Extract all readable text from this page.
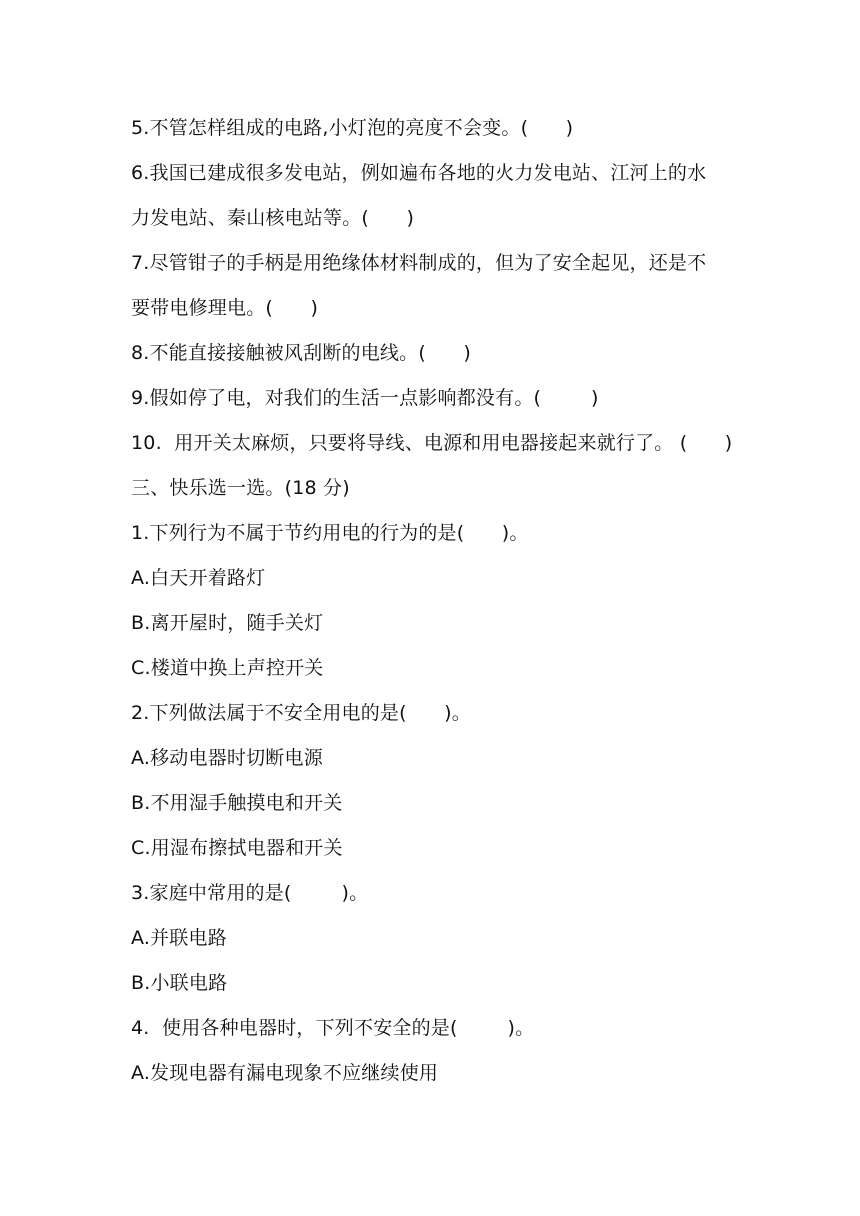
5.不管怎样组成的电路,小灯泡的亮度不会变。(      )
6.我国已建成很多发电站，例如遍布各地的火力发电站、江河上的水
力发电站、秦山核电站等。(      )
7.尽管钳子的手柄是用绝缘体材料制成的，但为了安全起见，还是不
要带电修理电。(      )
8.不能直接接触被风刮断的电线。(      )
9.假如停了电，对我们的生活一点影响都没有。(        )
10.  用开关太麻烦，只要将导线、电源和用电器接起来就行了。 (      )
三、快乐选一选。(18 分)
1.下列行为不属于节约用电的行为的是(      )。
A.白天开着路灯
B.离开屋时，随手关灯
C.楼道中换上声控开关
2.下列做法属于不安全用电的是(      )。
A.移动电器时切断电源
B.不用湿手触摸电和开关
C.用湿布擦拭电器和开关
3.家庭中常用的是(        )。
A.并联电路
B.小联电路
4.  使用各种电器时，下列不安全的是(        )。
A.发现电器有漏电现象不应继续使用
